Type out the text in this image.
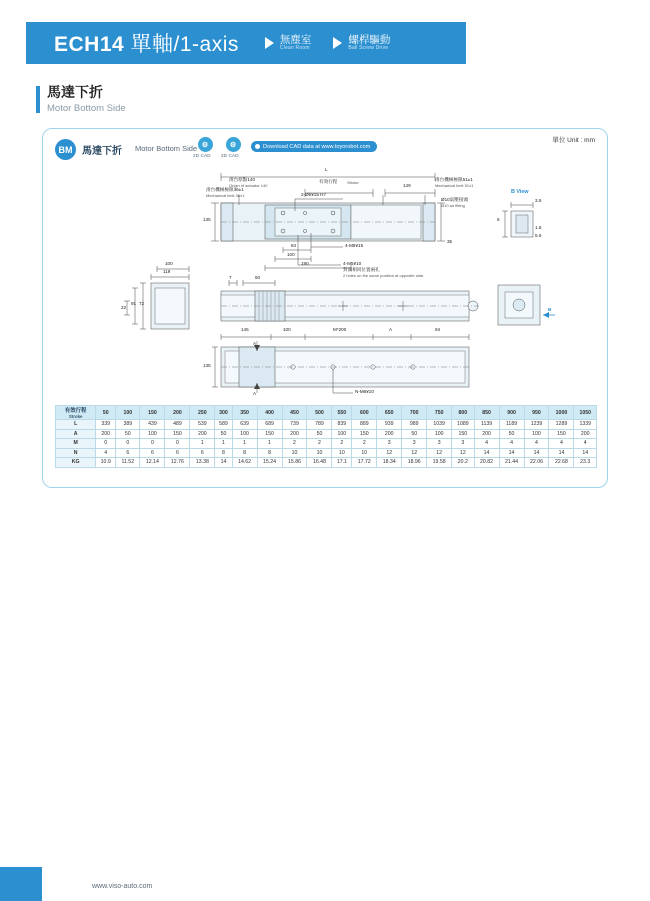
ECH14 單軸/1-axis	無塵室
Clean Room
螺桿驅動
Ball Screw Drive
馬達下折
Motor Bottom Side
BM 馬達下折 Motor Bottom Side ⚙
2D CAD
⚙
3D CAD
Download CAD data at www.toyorobot.com
單位 Unit : mm
L
滑台原點140
Origin of actuator 140
有效行程 Stroke
149
滑台機械極限36±1
Mechanical limit 36±1
滑台機械極限51±1
Mechanical limit 51±1
Ø10氣壓接頭
Ø10 air fitting
135
35
2-Ø6¥15 H7
4-M6¥15
4-M5¥10
對面相同位置兩孔
2 holes on the same position at opposite side.
84
100
190
B View
3.5
6
1.8
5.5
119
100
91 72
22
7	50
145	100	M*200	A	94
135
A
A	N-M6¥10
B
有效行程
Stroke	50	100	150	200	250	300	350	400	450	500	550	600	650	700	750	800	850	900	950	1000	1050
L	339	389	439	489	539	589	639	689	739	789	839	889	939	989	1039	1089	1139	1189	1239	1289	1339
A	200	50	100	150	200	50	100	150	200	50	100	150	200	50	100	150	200	50	100	150	200
M	0	0	0	0	1	1	1	1	2	2	2	2	3	3	3	3	4	4	4	4	4
N	4	6	6	6	6	8	8	8	10	10	10	10	12	12	12	12	14	14	14	14	14
KG	10.9	11.52	12.14	12.76	13.38	14	14.62	15.24	15.86	16.48	17.1	17.72	18.34	18.96	19.58	20.2	20.82	21.44	22.06	22.68	23.3
www.viso-auto.com
